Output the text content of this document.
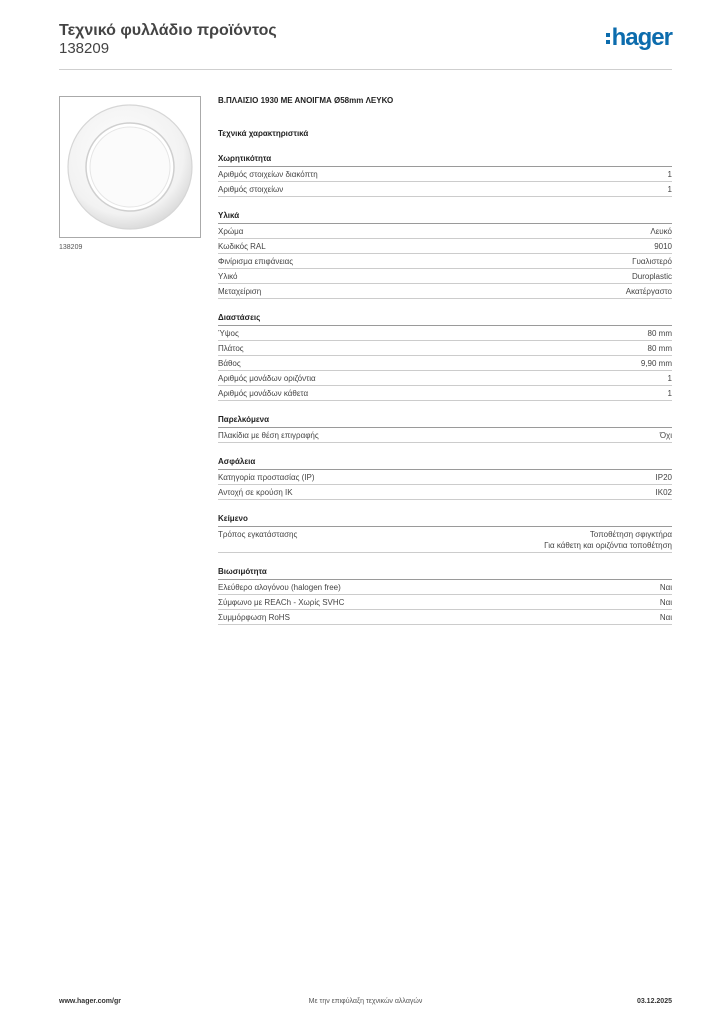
Τεχνικό φυλλάδιο προϊόντος
138209	hager
138209
Β.ΠΛΑΙΣΙΟ 1930 ΜΕ ΑΝΟΙΓΜΑ Ø58mm ΛΕΥΚΟ
Τεχνικά χαρακτηριστικά
Χωρητικότητα
Αριθμός στοιχείων διακόπτη	1
Αριθμός στοιχείων	1
Υλικά
Χρώμα	Λευκό
Κωδικός RAL	9010
Φινίρισμα επιφάνειας	Γυαλιστερό
Υλικό	Duroplastic
Μεταχείριση	Ακατέργαστο
Διαστάσεις
Ύψος	80 mm
Πλάτος	80 mm
Βάθος	9,90 mm
Αριθμός μονάδων οριζόντια	1
Αριθμός μονάδων κάθετα	1
Παρελκόμενα
Πλακίδια με θέση επιγραφής	Όχι
Ασφάλεια
Κατηγορία προστασίας (IP)	IP20
Αντοχή σε κρούση IK	IK02
Κείμενο
Τρόπος εγκατάστασης	Τοποθέτηση σφιγκτήρα
Για κάθετη και οριζόντια τοποθέτηση
Βιωσιμότητα
Ελεύθερο αλογόνου (halogen free)	Ναι
Σύμφωνο με REACh - Χωρίς SVHC	Ναι
Συμμόρφωση RoHS	Ναι
www.hager.com/gr	Με την επιφύλαξη τεχνικών αλλαγών	03.12.2025
